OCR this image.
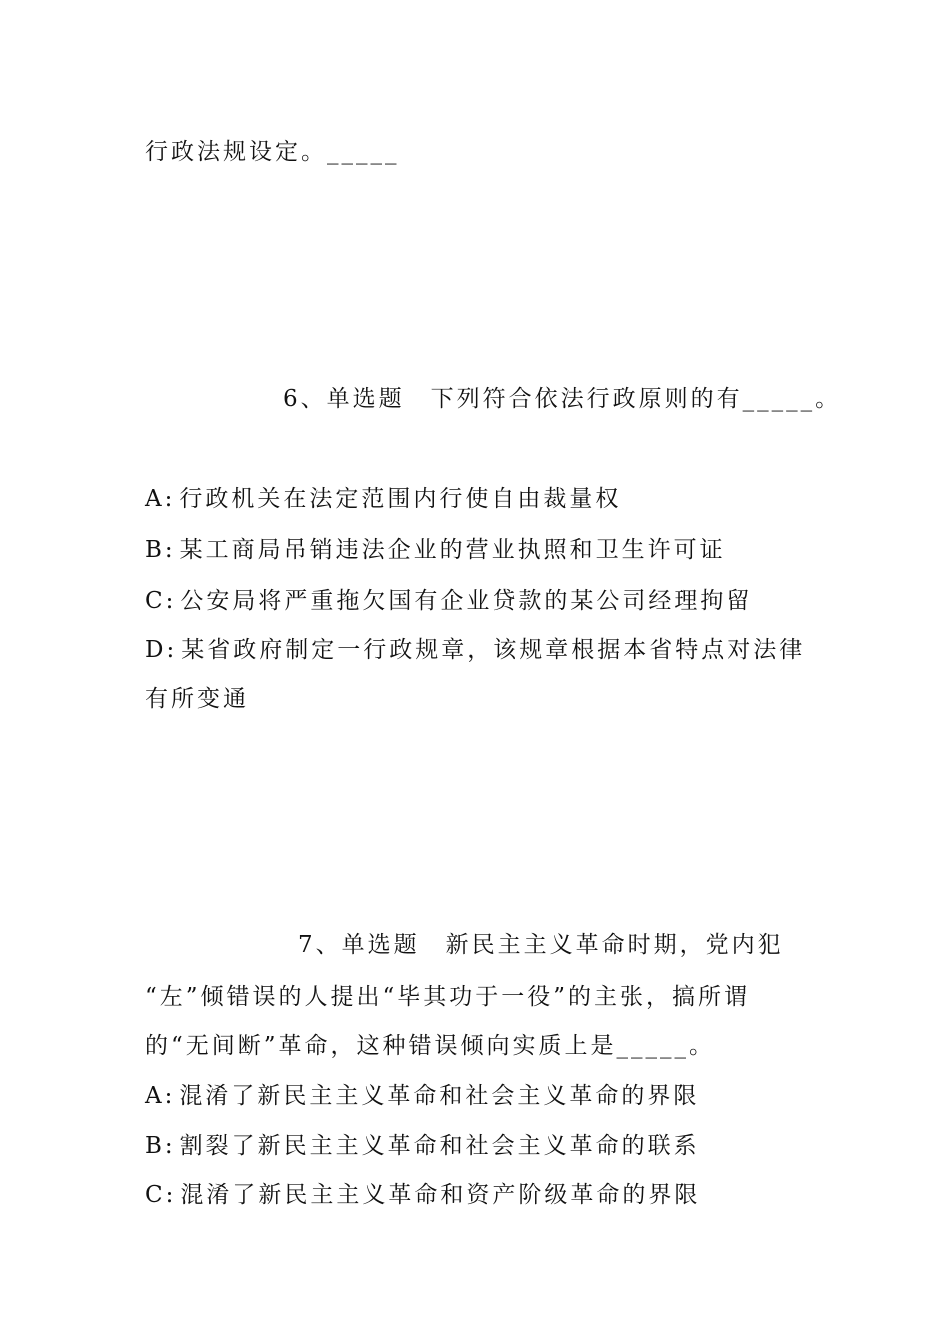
行政法规设定。_____
6、单选题　下列符合依法行政原则的有_____。
A: 行政机关在法定范围内行使自由裁量权
B: 某工商局吊销违法企业的营业执照和卫生许可证
C: 公安局将严重拖欠国有企业贷款的某公司经理拘留
D: 某省政府制定一行政规章，该规章根据本省特点对法律
有所变通
7、单选题　新民主主义革命时期，党内犯
“左”倾错误的人提出“毕其功于一役”的主张，搞所谓
的“无间断”革命，这种错误倾向实质上是_____。
A: 混淆了新民主主义革命和社会主义革命的界限
B: 割裂了新民主主义革命和社会主义革命的联系
C: 混淆了新民主主义革命和资产阶级革命的界限
